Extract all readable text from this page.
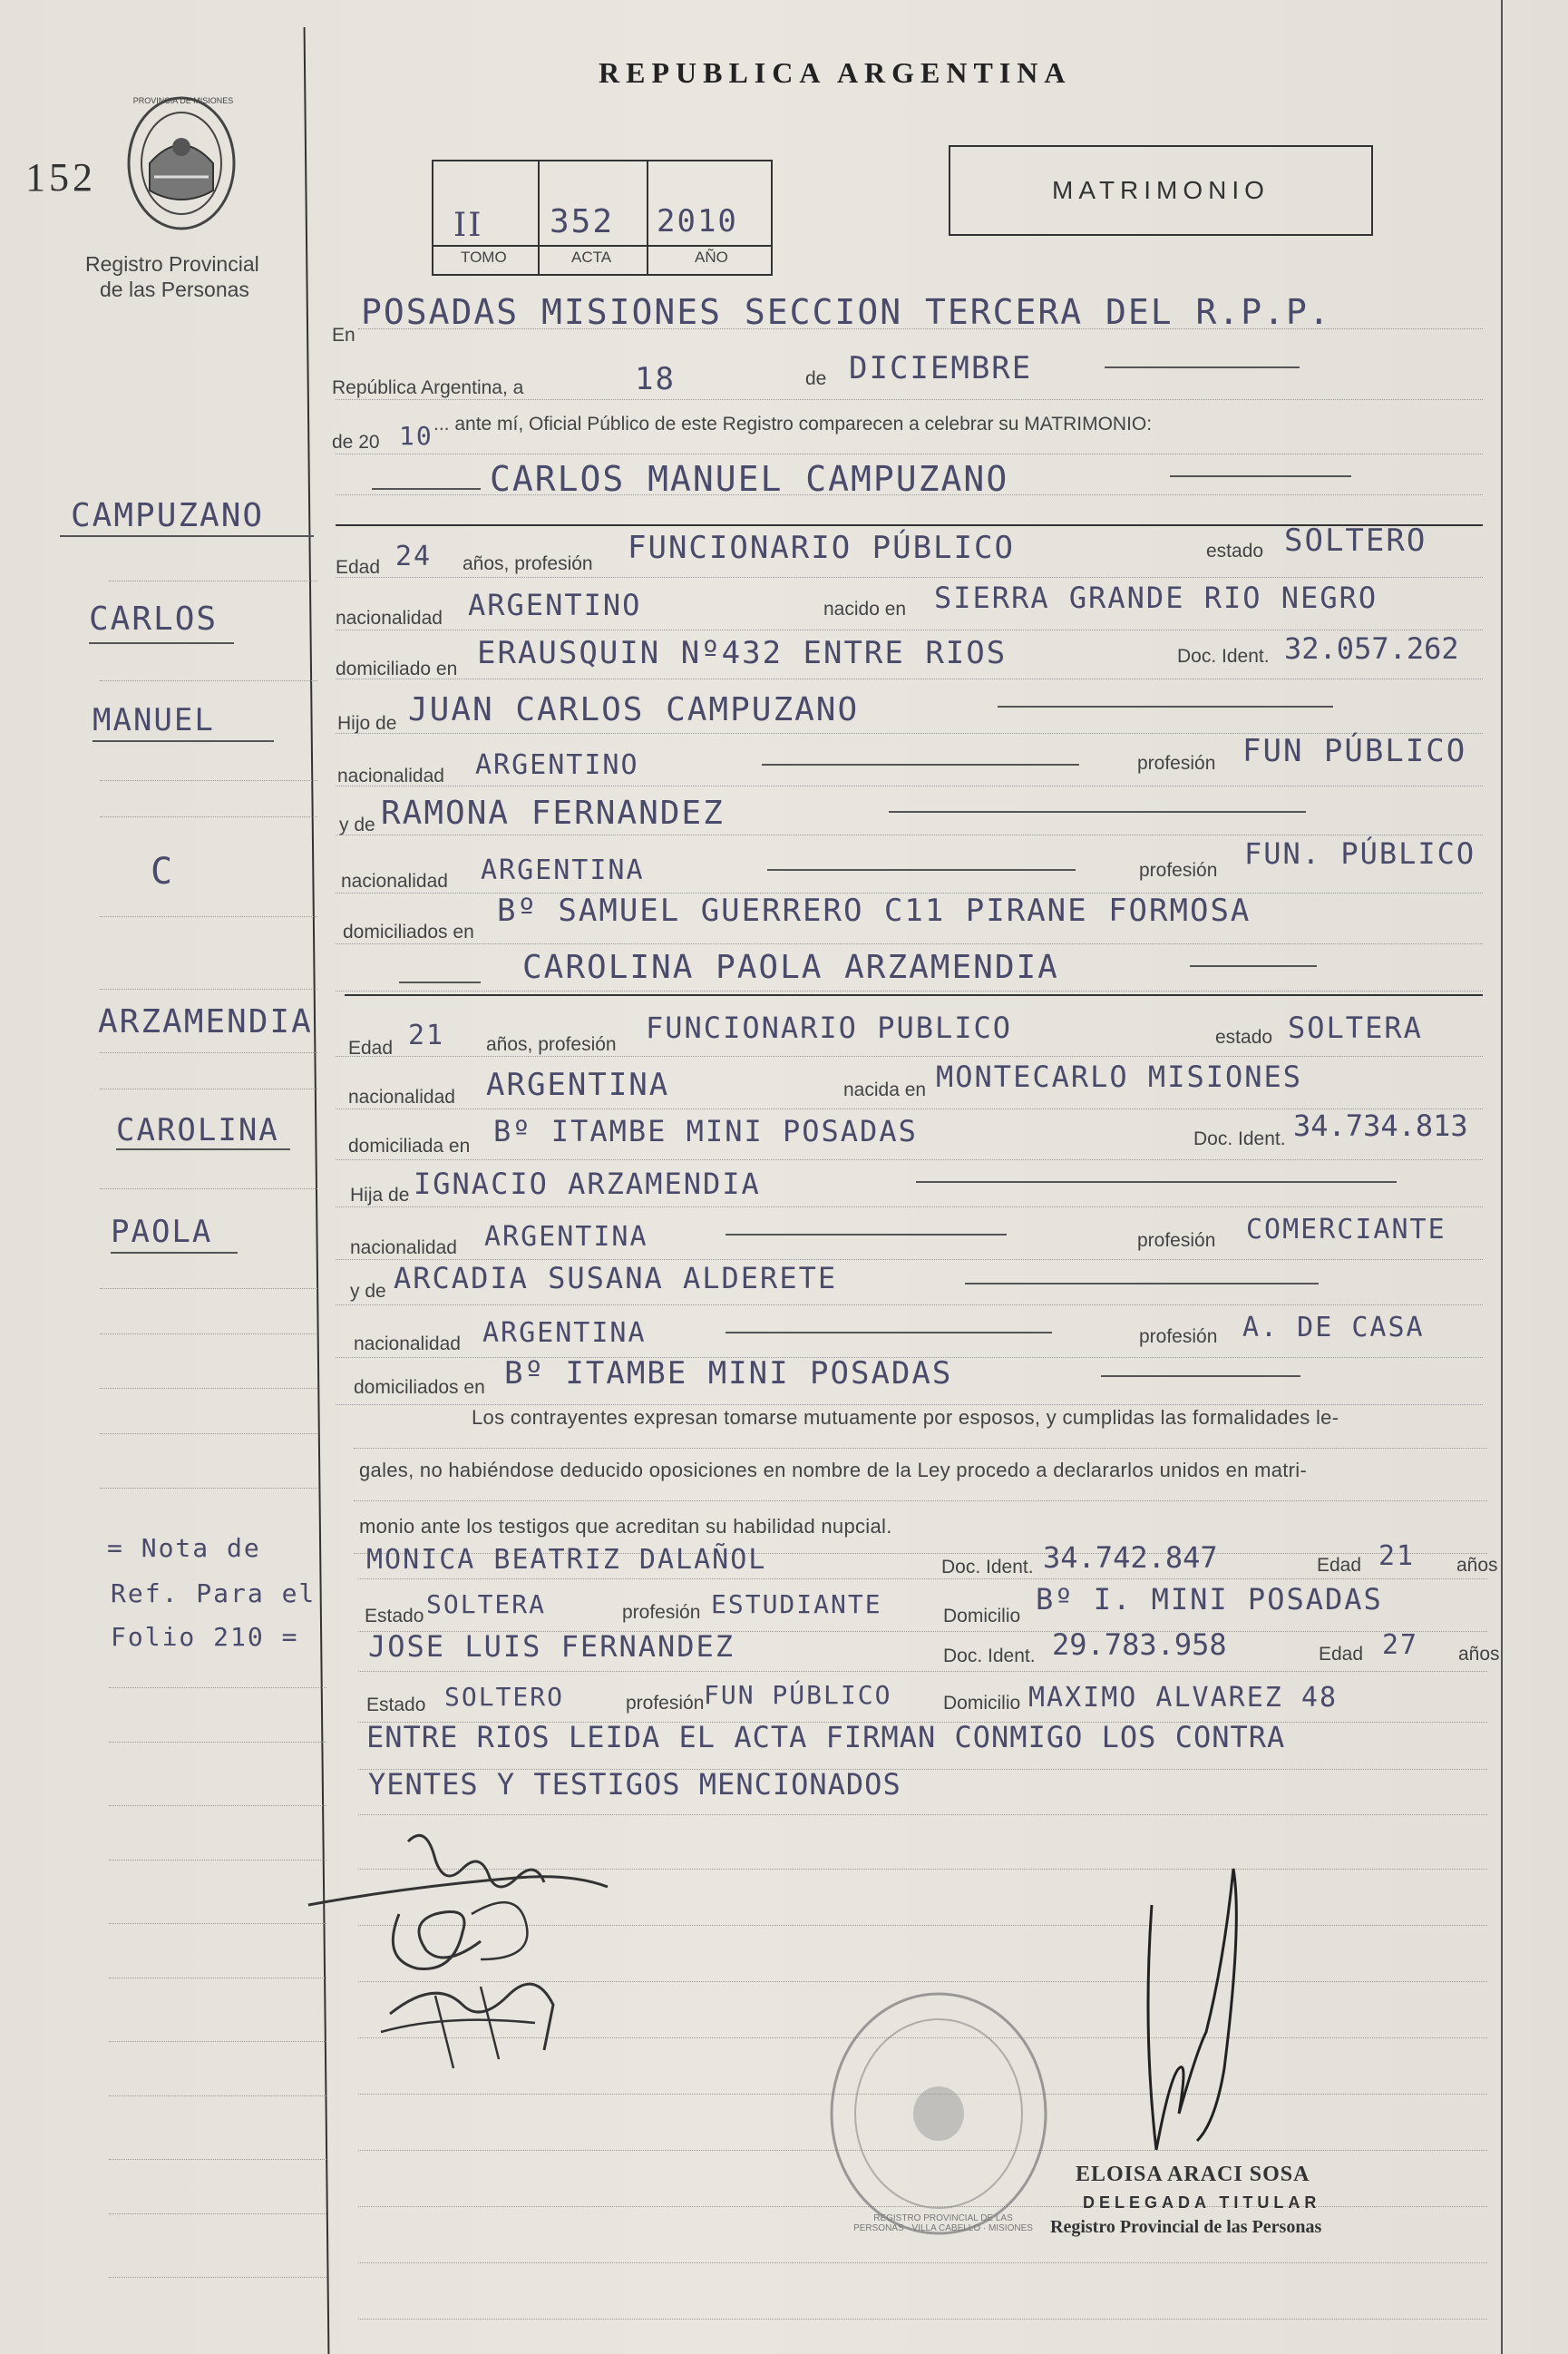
REPUBLICA ARGENTINA
152
PROVINCIA DE MISIONES
Registro Provincial
de las Personas
II 352 2010
TOMO	ACTA	AÑO
MATRIMONIO
En
POSADAS MISIONES SECCION TERCERA DEL R.P.P.
República Argentina, a	18	de DICIEMBRE
de 20 10 ... ante mí, Oficial Público de este Registro comparecen a celebrar su MATRIMONIO:
CARLOS MANUEL CAMPUZANO
CAMPUZANO
CARLOS
MANUEL
C
ARZAMENDIA
CAROLINA
PAOLA
= Nota de
Ref. Para el
Folio 210 =
Edad 24 años, profesión FUNCIONARIO PÚBLICO	estado SOLTERO
nacionalidad ARGENTINO	nacido en SIERRA GRANDE RIO NEGRO
domiciliado en ERAUSQUIN Nº432 ENTRE RIOS	Doc. Ident. 32.057.262
Hijo de JUAN CARLOS CAMPUZANO
nacionalidad ARGENTINO	profesión FUN PÚBLICO
y de RAMONA FERNANDEZ
nacionalidad ARGENTINA	profesión FUN. PÚBLICO
domiciliados en
Bº SAMUEL GUERRERO C11 PIRANE FORMOSA
CAROLINA PAOLA ARZAMENDIA
Edad 21 años, profesión FUNCIONARIO PUBLICO	estado SOLTERA
nacionalidad ARGENTINA	nacida en MONTECARLO MISIONES
domiciliada en Bº ITAMBE MINI POSADAS	Doc. Ident. 34.734.813
Hija de IGNACIO ARZAMENDIA
nacionalidad ARGENTINA	profesión COMERCIANTE
y de ARCADIA SUSANA ALDERETE
nacionalidad ARGENTINA	profesión A. DE CASA
domiciliados en Bº ITAMBE MINI POSADAS
Los contrayentes expresan tomarse mutuamente por esposos, y cumplidas las formalidades le-
gales, no habiéndose deducido oposiciones en nombre de la Ley procedo a declararlos unidos en matri-
monio ante los testigos que acreditan su habilidad nupcial.
MONICA BEATRIZ DALAÑOL	Doc. Ident. 34.742.847	Edad 21 años
Estado SOLTERA	profesión ESTUDIANTE	Domicilio Bº I. MINI POSADAS
JOSE LUIS FERNANDEZ	Doc. Ident. 29.783.958	Edad 27 años
Estado SOLTERO	profesión FUN PÚBLICO	Domicilio MAXIMO ALVAREZ 48
ENTRE RIOS LEIDA EL ACTA FIRMAN CONMIGO LOS CONTRA
YENTES Y TESTIGOS MENCIONADOS
REGISTRO PROVINCIAL DE LAS PERSONAS · VILLA CABELLO · MISIONES
ELOISA ARACI SOSA
DELEGADA TITULAR
Registro Provincial de las Personas
